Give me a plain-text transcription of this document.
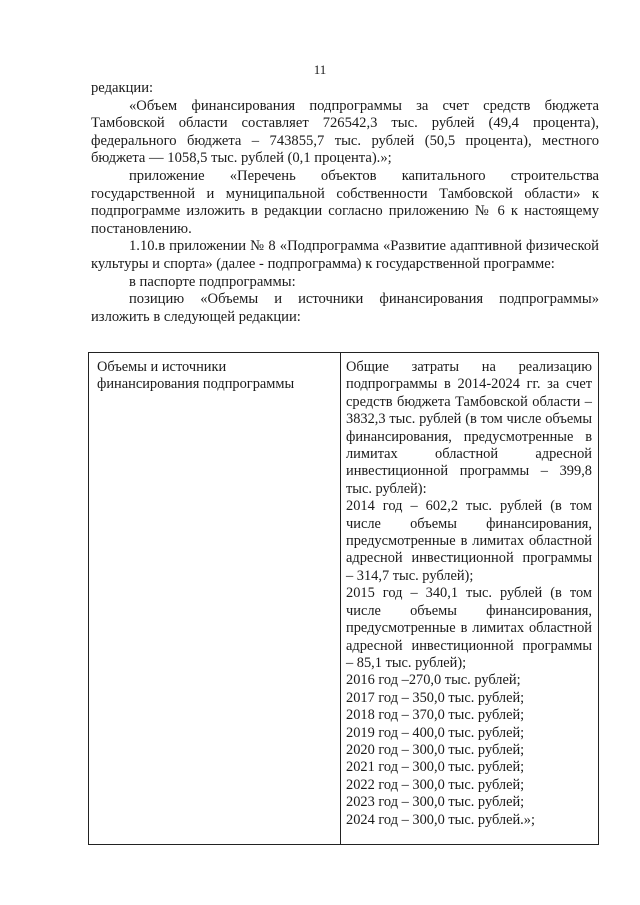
11

редакции:

«Объем финансирования подпрограммы за счет средств бюджета Тамбовской области составляет 726542,3 тыс. рублей (49,4 процента), федерального бюджета – 743855,7 тыс. рублей (50,5 процента), местного бюджета — 1058,5 тыс. рублей (0,1 процента).»;

приложение «Перечень объектов капитального строительства государственной и муниципальной собственности Тамбовской области» к подпрограмме изложить в редакции согласно приложению № 6 к настоящему постановлению.

1.10.в приложении № 8 «Подпрограмма «Развитие адаптивной физической культуры и спорта» (далее - подпрограмма) к государственной программе:

в паспорте подпрограммы:

позицию «Объемы и источники финансирования подпрограммы» изложить в следующей редакции:

Объемы и источники финансирования подпрограммы

Общие затраты на реализацию подпрограммы в 2014-2024 гг. за счет средств бюджета Тамбовской области – 3832,3 тыс. рублей (в том числе объемы финансирования, предусмотренные в лимитах областной адресной инвестиционной программы – 399,8 тыс. рублей):

2014 год – 602,2 тыс. рублей (в том числе объемы финансирования, предусмотренные в лимитах областной адресной инвестиционной программы – 314,7 тыс. рублей);

2015 год – 340,1 тыс. рублей (в том числе объемы финансирования, предусмотренные в лимитах областной адресной инвестиционной программы – 85,1 тыс. рублей);

2016 год –270,0 тыс. рублей;

2017 год – 350,0 тыс. рублей;

2018 год – 370,0 тыс. рублей;

2019 год – 400,0 тыс. рублей;

2020 год – 300,0 тыс. рублей;

2021 год – 300,0 тыс. рублей;

2022 год – 300,0 тыс. рублей;

2023 год – 300,0 тыс. рублей;

2024 год – 300,0 тыс. рублей.»;
